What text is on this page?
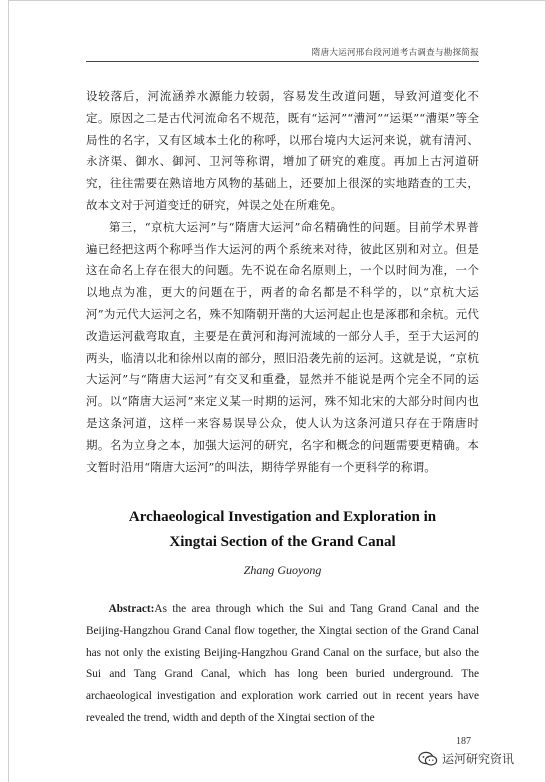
隋唐大运河邢台段河道考古调查与勘探简报

设较落后，河流涵养水源能力较弱，容易发生改道问题，导致河道变化不定。原因之二是古代河流命名不规范，既有“运河”“漕河”“运渠”“漕渠”等全局性的名字，又有区域本土化的称呼，以邢台境内大运河来说，就有清河、永济渠、御水、御河、卫河等称谓，增加了研究的难度。再加上古河道研究，往往需要在熟谙地方风物的基础上，还要加上很深的实地踏查的工夫，故本文对于河道变迁的研究，舛误之处在所难免。

第三，“京杭大运河”与“隋唐大运河”命名精确性的问题。目前学术界普遍已经把这两个称呼当作大运河的两个系统来对待，彼此区别和对立。但是这在命名上存在很大的问题。先不说在命名原则上，一个以时间为准，一个以地点为准，更大的问题在于，两者的命名都是不科学的，以“京杭大运河”为元代大运河之名，殊不知隋朝开凿的大运河起止也是涿郡和余杭。元代改造运河截弯取直，主要是在黄河和海河流域的一部分人手，至于大运河的两头，临清以北和徐州以南的部分，照旧沿袭先前的运河。这就是说，“京杭大运河”与“隋唐大运河”有交叉和重叠，显然并不能说是两个完全不同的运河。以“隋唐大运河”来定义某一时期的运河，殊不知北宋的大部分时间内也是这条河道，这样一来容易误导公众，使人认为这条河道只存在于隋唐时期。名为立身之本，加强大运河的研究，名字和概念的问题需要更精确。本文暂时沿用“隋唐大运河”的叫法，期待学界能有一个更科学的称谓。

Archaeological Investigation and Exploration in
Xingtai Section of the Grand Canal
Zhang Guoyong
Abstract:As the area through which the Sui and Tang Grand Canal and the Beijing-Hangzhou Grand Canal flow together, the Xingtai section of the Grand Canal has not only the existing Beijing-Hangzhou Grand Canal on the surface, but also the Sui and Tang Grand Canal, which has long been buried underground. The archaeological investigation and exploration work carried out in recent years have revealed the trend, width and depth of the Xingtai section of the
187
运河研究资讯
